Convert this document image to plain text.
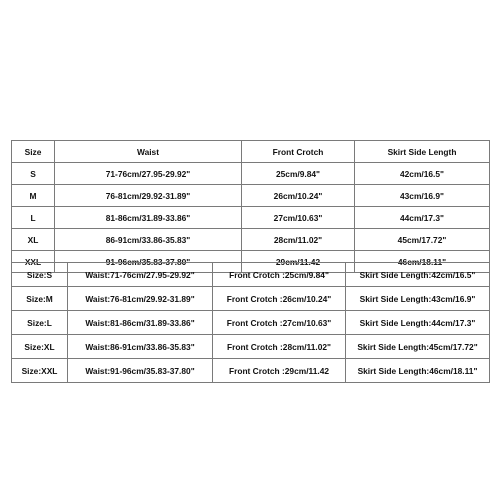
Size	Waist	Front Crotch	Skirt Side Length
S	71-76cm/27.95-29.92"	25cm/9.84"	42cm/16.5"
M	76-81cm/29.92-31.89"	26cm/10.24"	43cm/16.9"
L	81-86cm/31.89-33.86"	27cm/10.63"	44cm/17.3"
XL	86-91cm/33.86-35.83"	28cm/11.02"	45cm/17.72"
XXL	91-96cm/35.83-37.80"	29cm/11.42	46cm/18.11"
Size:S	Waist:71-76cm/27.95-29.92"	Front Crotch :25cm/9.84"	Skirt Side Length:42cm/16.5"
Size:M	Waist:76-81cm/29.92-31.89"	Front Crotch :26cm/10.24"	Skirt Side Length:43cm/16.9"
Size:L	Waist:81-86cm/31.89-33.86"	Front Crotch :27cm/10.63"	Skirt Side Length:44cm/17.3"
Size:XL	Waist:86-91cm/33.86-35.83"	Front Crotch :28cm/11.02"	Skirt Side Length:45cm/17.72"
Size:XXL	Waist:91-96cm/35.83-37.80"	Front Crotch :29cm/11.42	Skirt Side Length:46cm/18.11"
